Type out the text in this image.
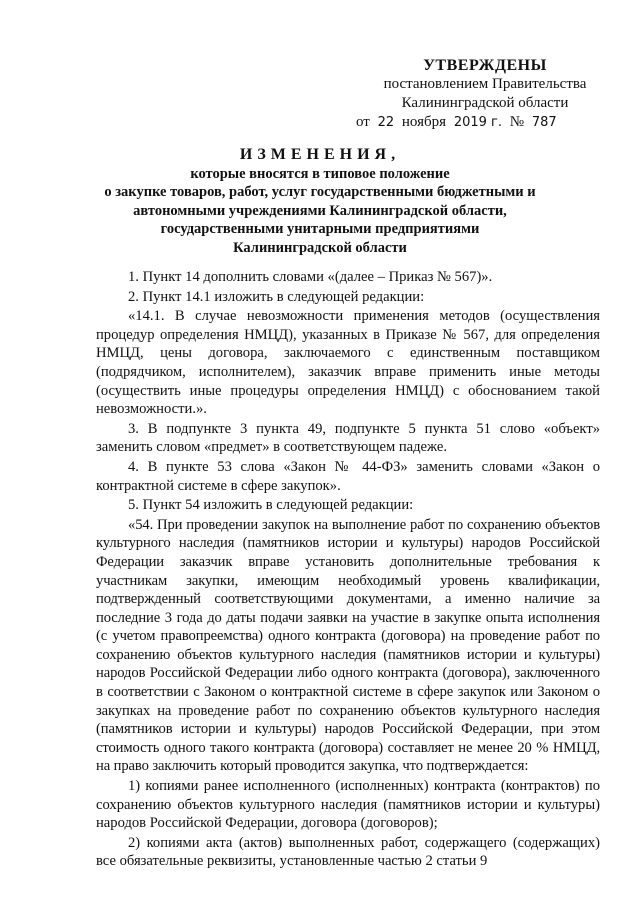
УТВЕРЖДЕНЫ
постановлением Правительства
Калининградской области
от 22 ноября 2019 г. № 787
ИЗМЕНЕНИЯ,
которые вносятся в типовое положение
о закупке товаров, работ, услуг государственными бюджетными и
автономными учреждениями Калининградской области,
государственными унитарными предприятиями
Калининградской области

1. Пункт 14 дополнить словами «(далее – Приказ № 567)».

2. Пункт 14.1 изложить в следующей редакции:

«14.1. В случае невозможности применения методов (осуществления процедур определения НМЦД), указанных в Приказе № 567, для определения НМЦД, цены договора, заключаемого с единственным поставщиком (подрядчиком, исполнителем), заказчик вправе применить иные методы (осуществить иные процедуры определения НМЦД) с обоснованием такой невозможности.».

3. В подпункте 3 пункта 49, подпункте 5 пункта 51 слово «объект» заменить словом «предмет» в соответствующем падеже.

4. В пункте 53 слова «Закон № 44-ФЗ» заменить словами «Закон о контрактной системе в сфере закупок».

5. Пункт 54 изложить в следующей редакции:

«54. При проведении закупок на выполнение работ по сохранению объектов культурного наследия (памятников истории и культуры) народов Российской Федерации заказчик вправе установить дополнительные требования к участникам закупки, имеющим необходимый уровень квалификации, подтвержденный соответствующими документами, а именно наличие за последние 3 года до даты подачи заявки на участие в закупке опыта исполнения (с учетом правопреемства) одного контракта (договора) на проведение работ по сохранению объектов культурного наследия (памятников истории и культуры) народов Российской Федерации либо одного контракта (договора), заключенного в соответствии с Законом о контрактной системе в сфере закупок или Законом о закупках на проведение работ по сохранению объектов культурного наследия (памятников истории и культуры) народов Российской Федерации, при этом стоимость одного такого контракта (договора) составляет не менее 20 % НМЦД, на право заключить который проводится закупка, что подтверждается:

1) копиями ранее исполненного (исполненных) контракта (контрактов) по сохранению объектов культурного наследия (памятников истории и культуры) народов Российской Федерации, договора (договоров);

2) копиями акта (актов) выполненных работ, содержащего (содержащих) все обязательные реквизиты, установленные частью 2 статьи 9
